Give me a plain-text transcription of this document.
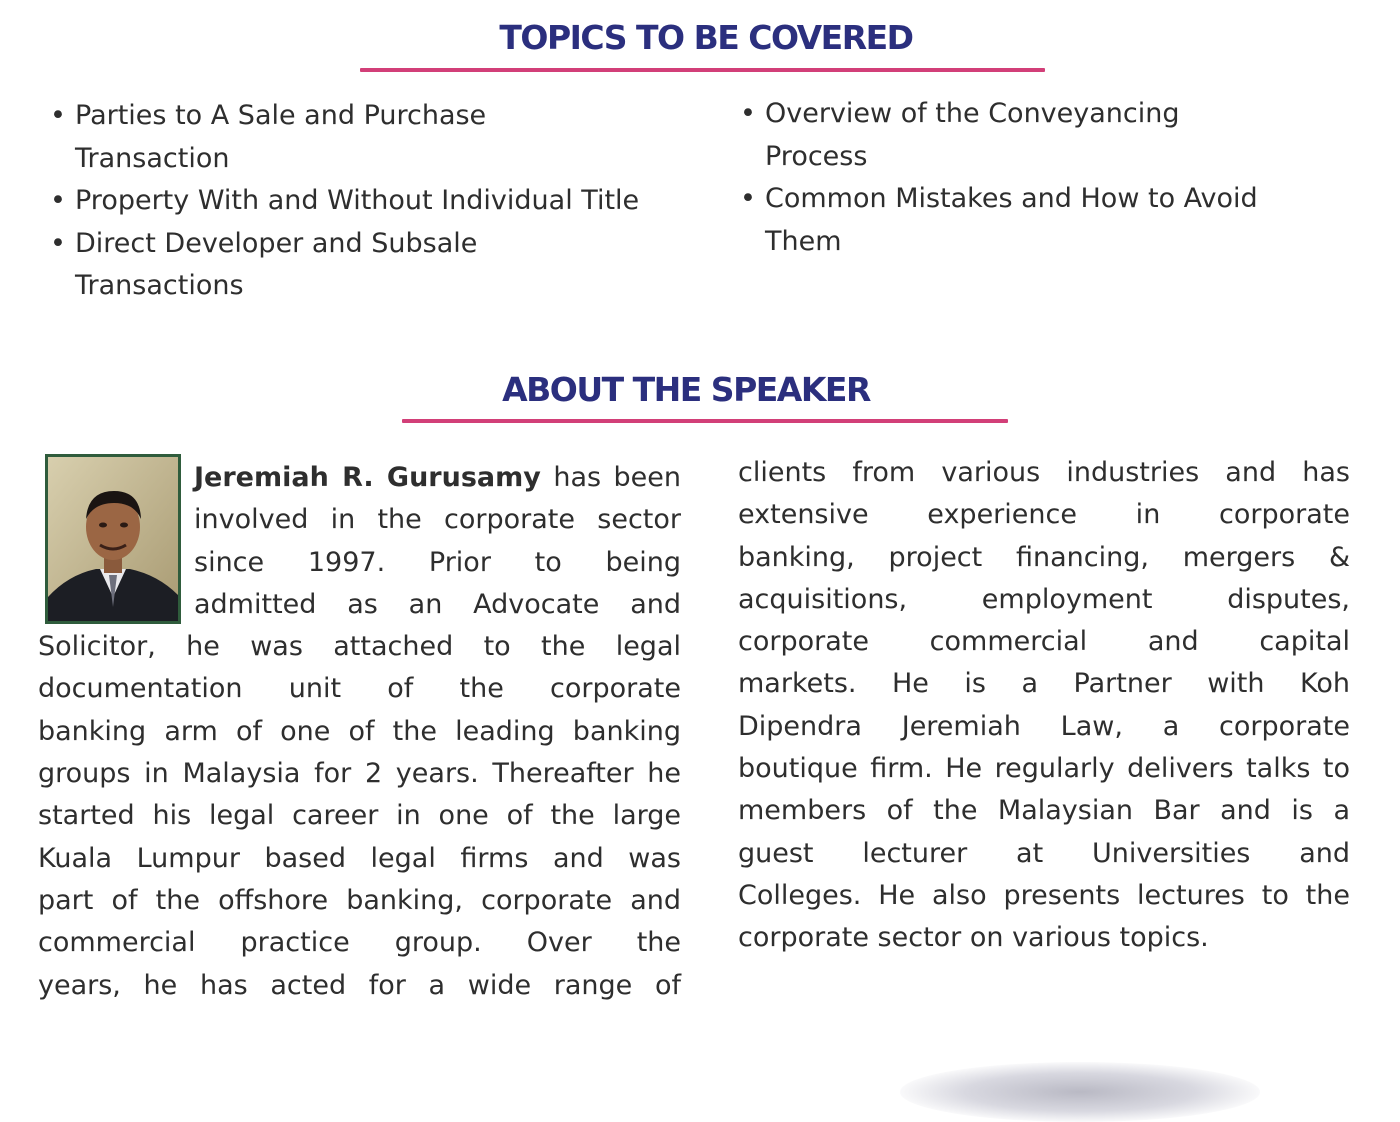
TOPICS TO BE COVERED
• Parties to A Sale and Purchase
Transaction
• Property With and Without Individual Title
• Direct Developer and Subsale
Transactions
• Overview of the Conveyancing
Process
• Common Mistakes and How to Avoid
Them
ABOUT THE SPEAKER
Jeremiah R. Gurusamy has been
involved in the corporate sector
since 1997. Prior to being
admitted as an Advocate and
Solicitor, he was attached to the legal
documentation unit of the corporate
banking arm of one of the leading banking
groups in Malaysia for 2 years. Thereafter he
started his legal career in one of the large
Kuala Lumpur based legal firms and was
part of the offshore banking, corporate and
commercial practice group. Over the
years, he has acted for a wide range of
clients from various industries and has
extensive experience in corporate
banking, project financing, mergers &
acquisitions, employment disputes,
corporate commercial and capital
markets. He is a Partner with Koh
Dipendra Jeremiah Law, a corporate
boutique firm. He regularly delivers talks to
members of the Malaysian Bar and is a
guest lecturer at Universities and
Colleges. He also presents lectures to the
corporate sector on various topics.
